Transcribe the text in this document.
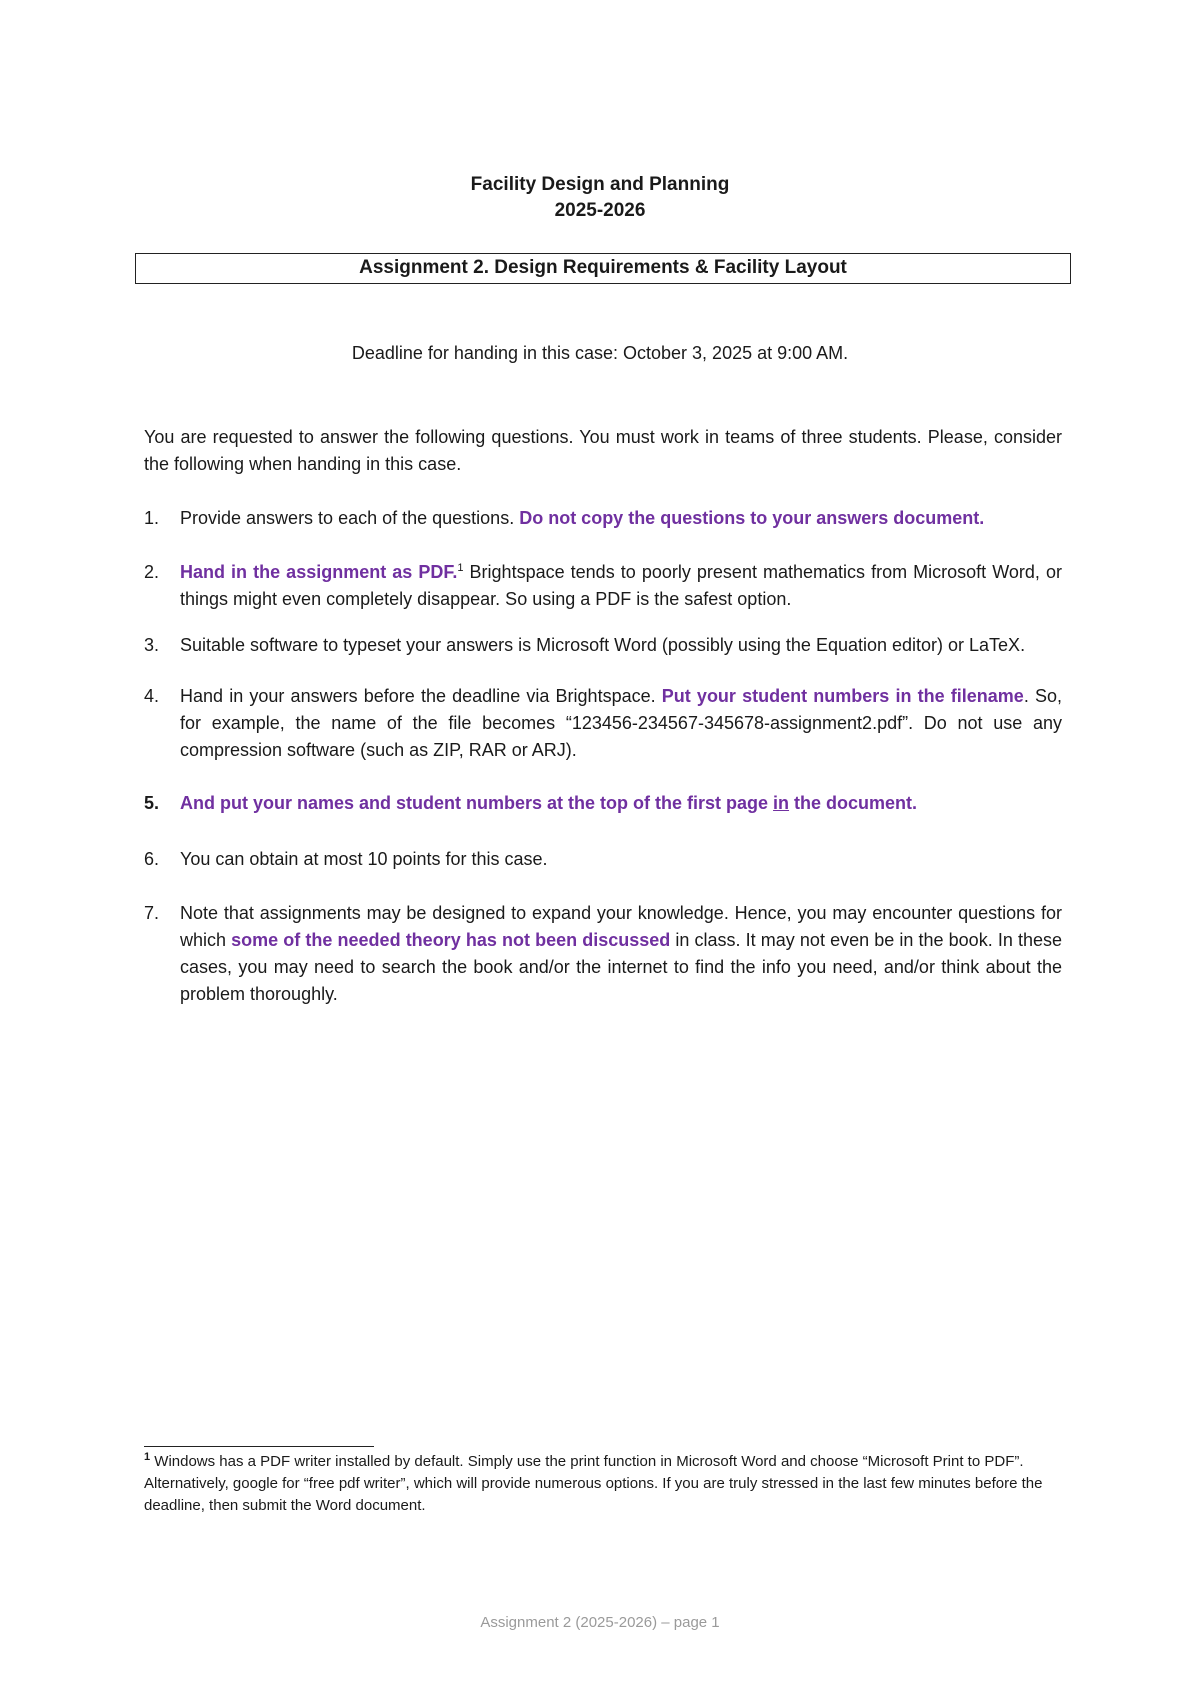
Facility Design and Planning
2025-2026
Assignment 2. Design Requirements & Facility Layout
Deadline for handing in this case: October 3, 2025 at 9:00 AM.
You are requested to answer the following questions. You must work in teams of three students. Please, consider the following when handing in this case.
1. Provide answers to each of the questions. Do not copy the questions to your answers document.
2. Hand in the assignment as PDF.$^1$ Brightspace tends to poorly present mathematics from Microsoft Word, or things might even completely disappear. So using a PDF is the safest option.
3. Suitable software to typeset your answers is Microsoft Word (possibly using the Equation editor) or LaTeX.
4. Hand in your answers before the deadline via Brightspace. Put your student numbers in the filename. So, for example, the name of the file becomes “123456-234567-345678-assignment2.pdf”. Do not use any compression software (such as ZIP, RAR or ARJ).
5. And put your names and student numbers at the top of the first page in the document.
6. You can obtain at most 10 points for this case.
7. Note that assignments may be designed to expand your knowledge. Hence, you may encounter questions for which some of the needed theory has not been discussed in class. It may not even be in the book. In these cases, you may need to search the book and/or the internet to find the info you need, and/or think about the problem thoroughly.
$^1$ Windows has a PDF writer installed by default. Simply use the print function in Microsoft Word and choose “Microsoft Print to PDF”. Alternatively, google for “free pdf writer”, which will provide numerous options. If you are truly stressed in the last few minutes before the deadline, then submit the Word document.
Assignment 2 (2025-2026) – page 1
